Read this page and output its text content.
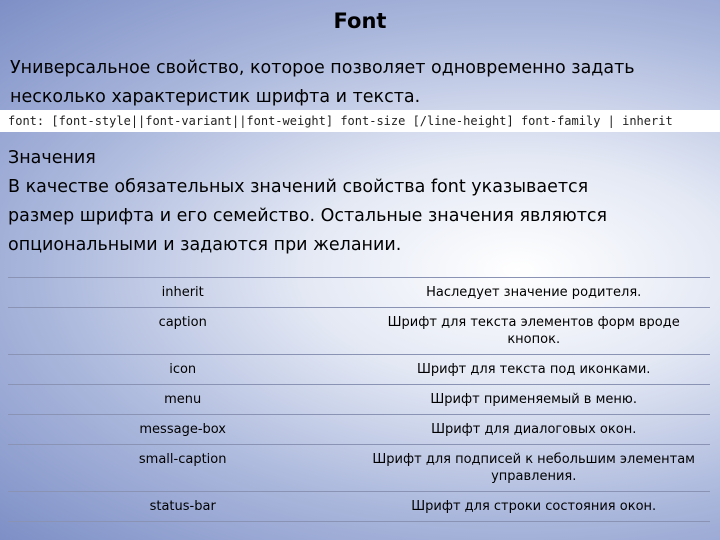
Font
Универсальное свойство, которое позволяет одновременно задать
несколько характеристик шрифта и текста.
font: [font-style||font-variant||font-weight] font-size [/line-height] font-family | inherit
Значения
В качестве обязательных значений свойства font указывается
размер шрифта и его семейство. Остальные значения являются
опциональными и задаются при желании.
inherit	Наследует значение родителя.
caption	Шрифт для текста элементов форм вроде кнопок.
icon	Шрифт для текста под иконками.
menu	Шрифт применяемый в меню.
message-box	Шрифт для диалоговых окон.
small-caption	Шрифт для подписей к небольшим элементам управления.
status-bar	Шрифт для строки состояния окон.
